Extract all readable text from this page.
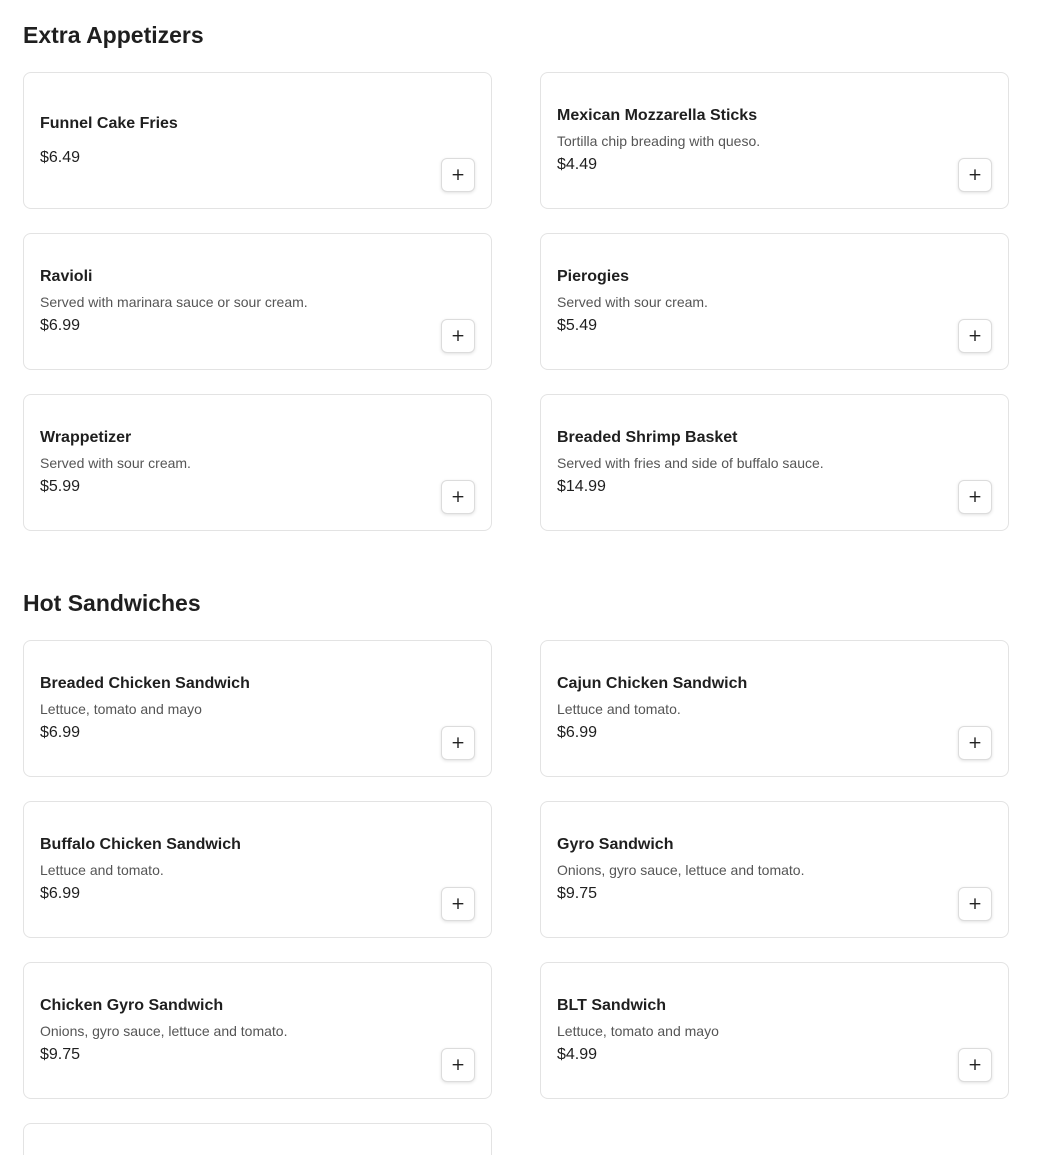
Extra Appetizers
Funnel Cake Fries
$6.49
+
Mexican Mozzarella Sticks
Tortilla chip breading with queso.
$4.49	+
Ravioli
Served with marinara sauce or sour cream.
$6.99	+
Pierogies
Served with sour cream.
$5.49	+
Wrappetizer
Served with sour cream.
$5.99	+
Breaded Shrimp Basket
Served with fries and side of buffalo sauce.
$14.99	+
Hot Sandwiches
Breaded Chicken Sandwich
Lettuce, tomato and mayo
$6.99	+
Cajun Chicken Sandwich
Lettuce and tomato.
$6.99	+
Buffalo Chicken Sandwich
Lettuce and tomato.
$6.99	+
Gyro Sandwich
Onions, gyro sauce, lettuce and tomato.
$9.75	+
Chicken Gyro Sandwich
Onions, gyro sauce, lettuce and tomato.
$9.75	+
BLT Sandwich
Lettuce, tomato and mayo
$4.99	+
